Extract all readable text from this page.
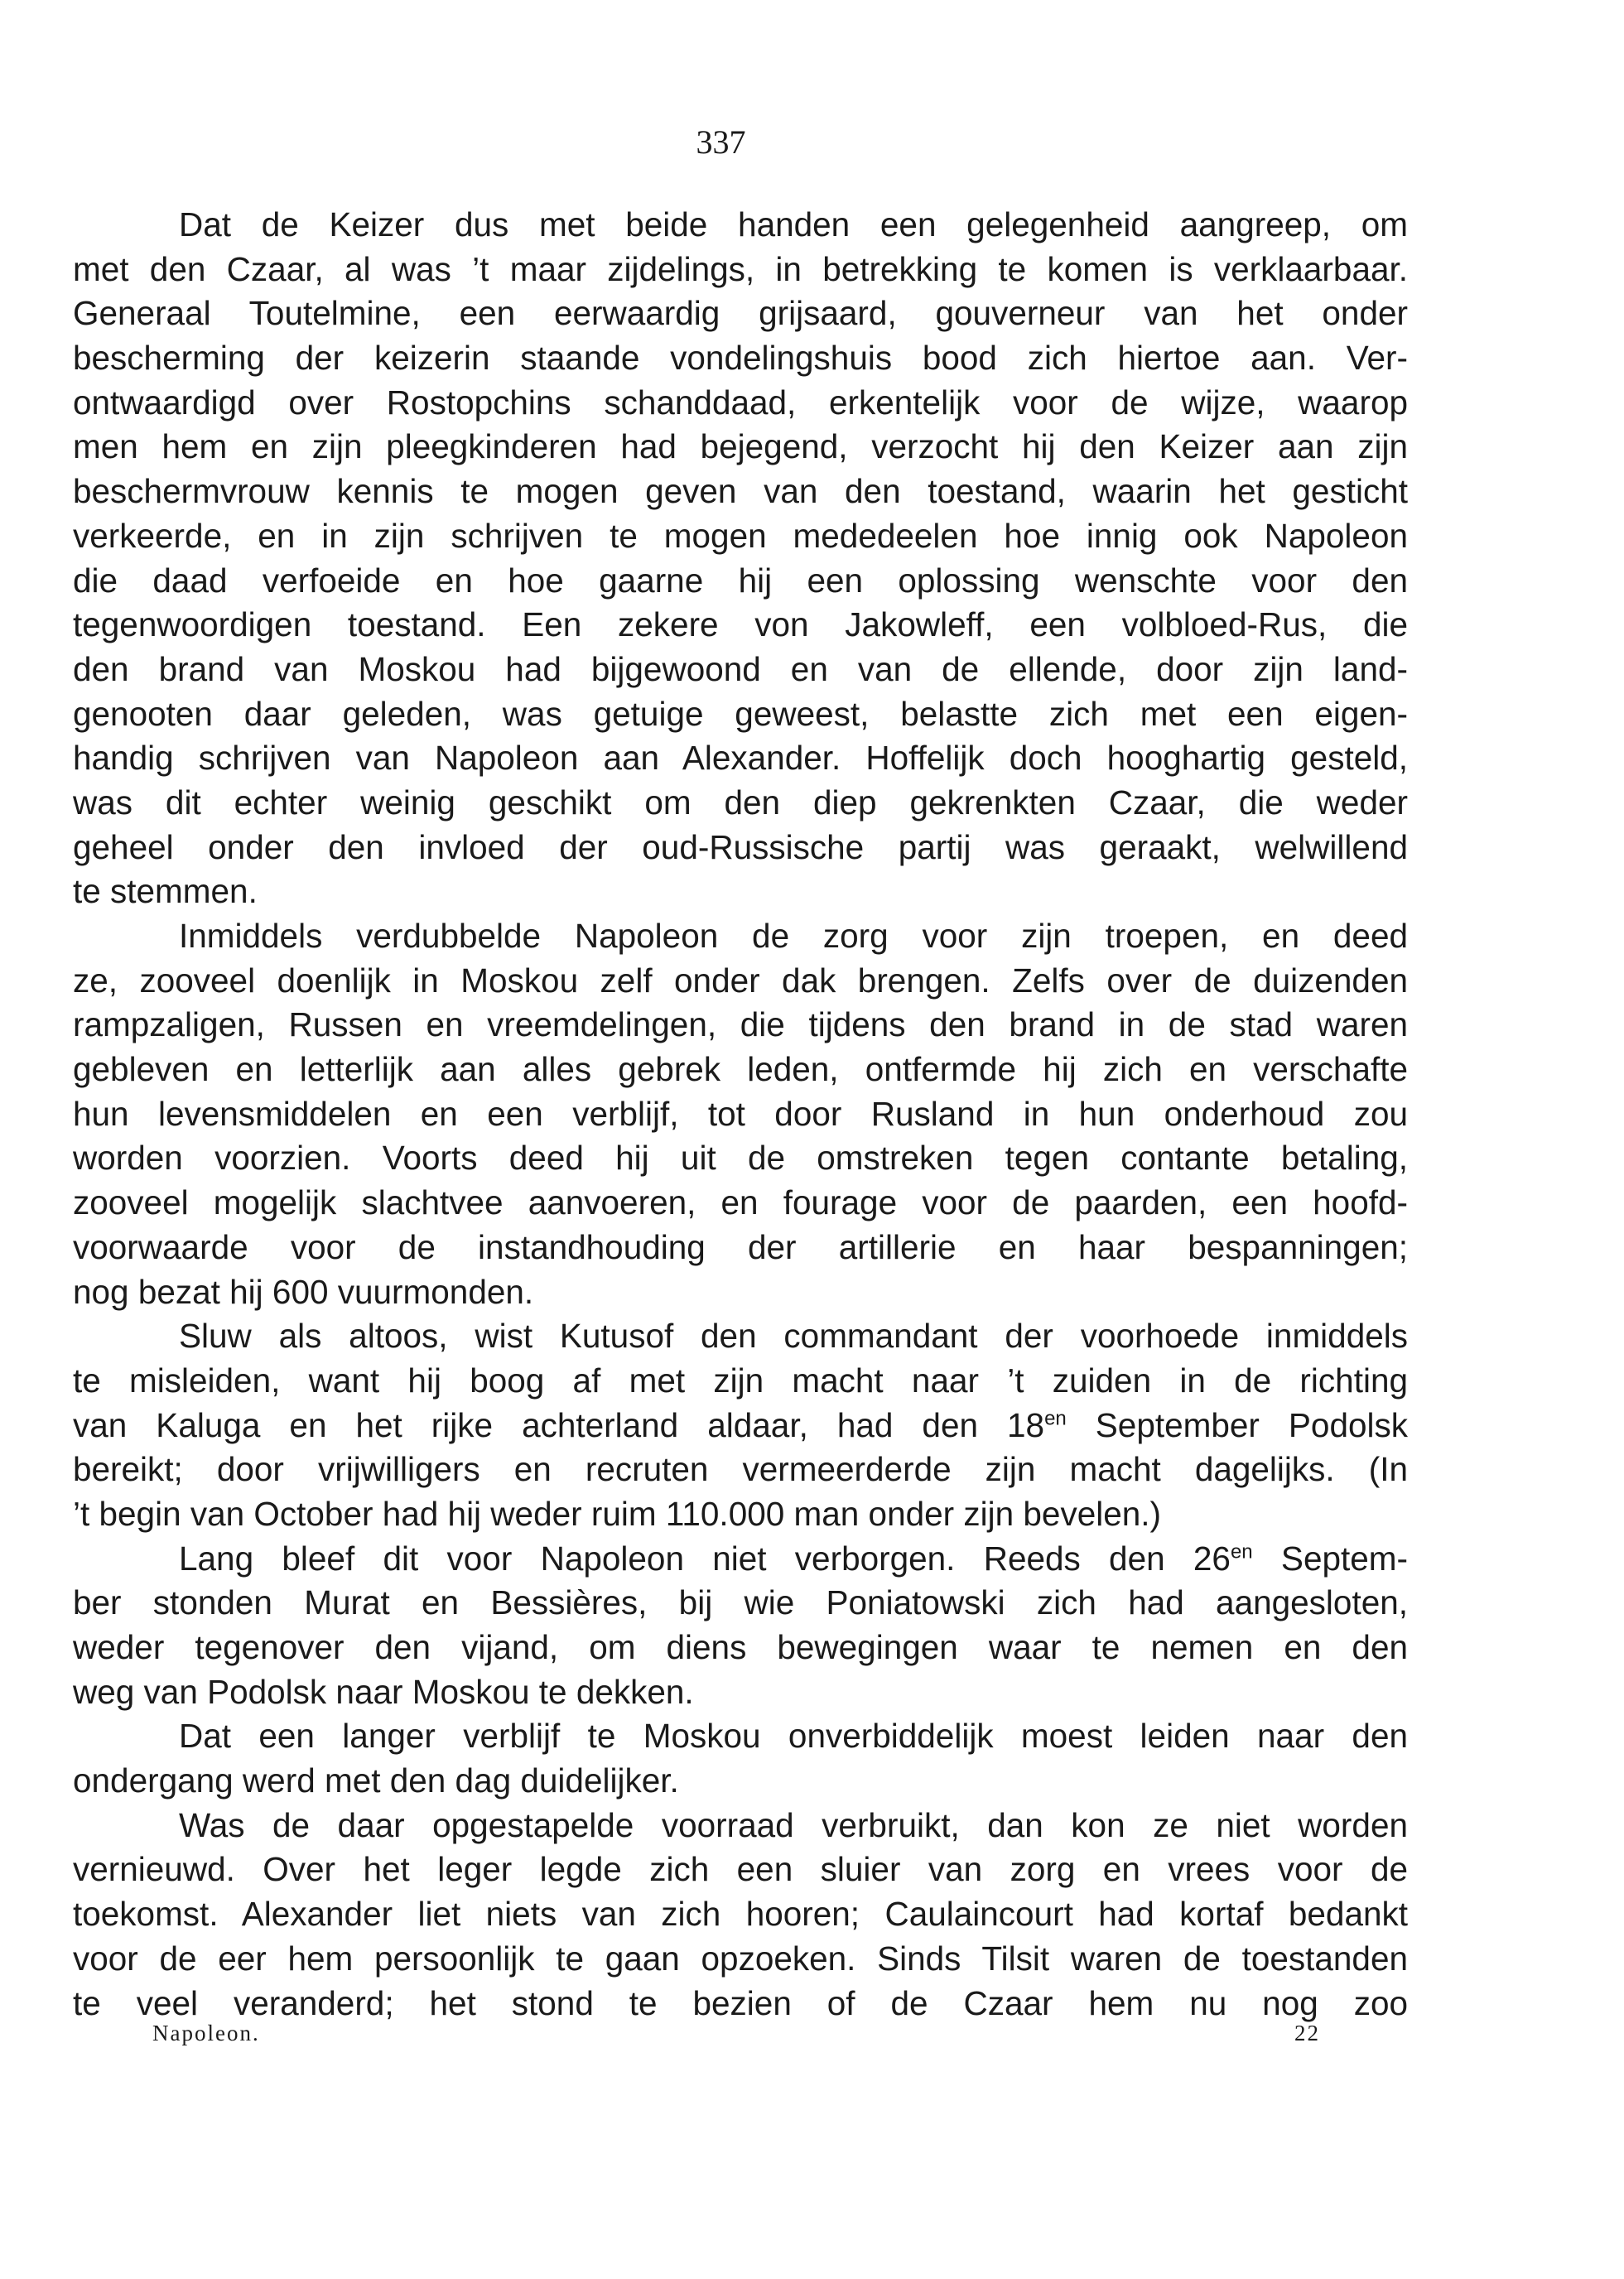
337
Dat de Keizer dus met beide handen een gelegenheid aangreep, om
met den Czaar, al was ’t maar zijdelings, in betrekking te komen is verklaarbaar.
Generaal Toutelmine, een eerwaardig grijsaard, gouverneur van het onder
bescherming der keizerin staande vondelingshuis bood zich hiertoe aan. Ver-
ontwaardigd over Rostopchins schanddaad, erkentelijk voor de wijze, waarop
men hem en zijn pleegkinderen had bejegend, verzocht hij den Keizer aan zijn
beschermvrouw kennis te mogen geven van den toestand, waarin het gesticht
verkeerde, en in zijn schrijven te mogen mededeelen hoe innig ook Napoleon
die daad verfoeide en hoe gaarne hij een oplossing wenschte voor den
tegenwoordigen toestand. Een zekere von Jakowleff, een volbloed-Rus, die
den brand van Moskou had bijgewoond en van de ellende, door zijn land-
genooten daar geleden, was getuige geweest, belastte zich met een eigen-
handig schrijven van Napoleon aan Alexander. Hoffelijk doch hooghartig gesteld,
was dit echter weinig geschikt om den diep gekrenkten Czaar, die weder
geheel onder den invloed der oud-Russische partij was geraakt, welwillend
te stemmen.
Inmiddels verdubbelde Napoleon de zorg voor zijn troepen, en deed
ze, zooveel doenlijk in Moskou zelf onder dak brengen. Zelfs over de duizenden
rampzaligen, Russen en vreemdelingen, die tijdens den brand in de stad waren
gebleven en letterlijk aan alles gebrek leden, ontfermde hij zich en verschafte
hun levensmiddelen en een verblijf, tot door Rusland in hun onderhoud zou
worden voorzien. Voorts deed hij uit de omstreken tegen contante betaling,
zooveel mogelijk slachtvee aanvoeren, en fourage voor de paarden, een hoofd-
voorwaarde voor de instandhouding der artillerie en haar bespanningen;
nog bezat hij 600 vuurmonden.
Sluw als altoos, wist Kutusof den commandant der voorhoede inmiddels
te misleiden, want hij boog af met zijn macht naar ’t zuiden in de richting
van Kaluga en het rijke achterland aldaar, had den $18^{en}$ September Podolsk
bereikt; door vrijwilligers en recruten vermeerderde zijn macht dagelijks. (In
’t begin van October had hij weder ruim 110.000 man onder zijn bevelen.)
Lang bleef dit voor Napoleon niet verborgen. Reeds den $26^{en}$ Septem-
ber stonden Murat en Bessières, bij wie Poniatowski zich had aangesloten,
weder tegenover den vijand, om diens bewegingen waar te nemen en den
weg van Podolsk naar Moskou te dekken.
Dat een langer verblijf te Moskou onverbiddelijk moest leiden naar den
ondergang werd met den dag duidelijker.
Was de daar opgestapelde voorraad verbruikt, dan kon ze niet worden
vernieuwd. Over het leger legde zich een sluier van zorg en vrees voor de
toekomst. Alexander liet niets van zich hooren; Caulaincourt had kortaf bedankt
voor de eer hem persoonlijk te gaan opzoeken. Sinds Tilsit waren de toestanden
te veel veranderd; het stond te bezien of de Czaar hem nu nog zoo
Napoleon.	22
